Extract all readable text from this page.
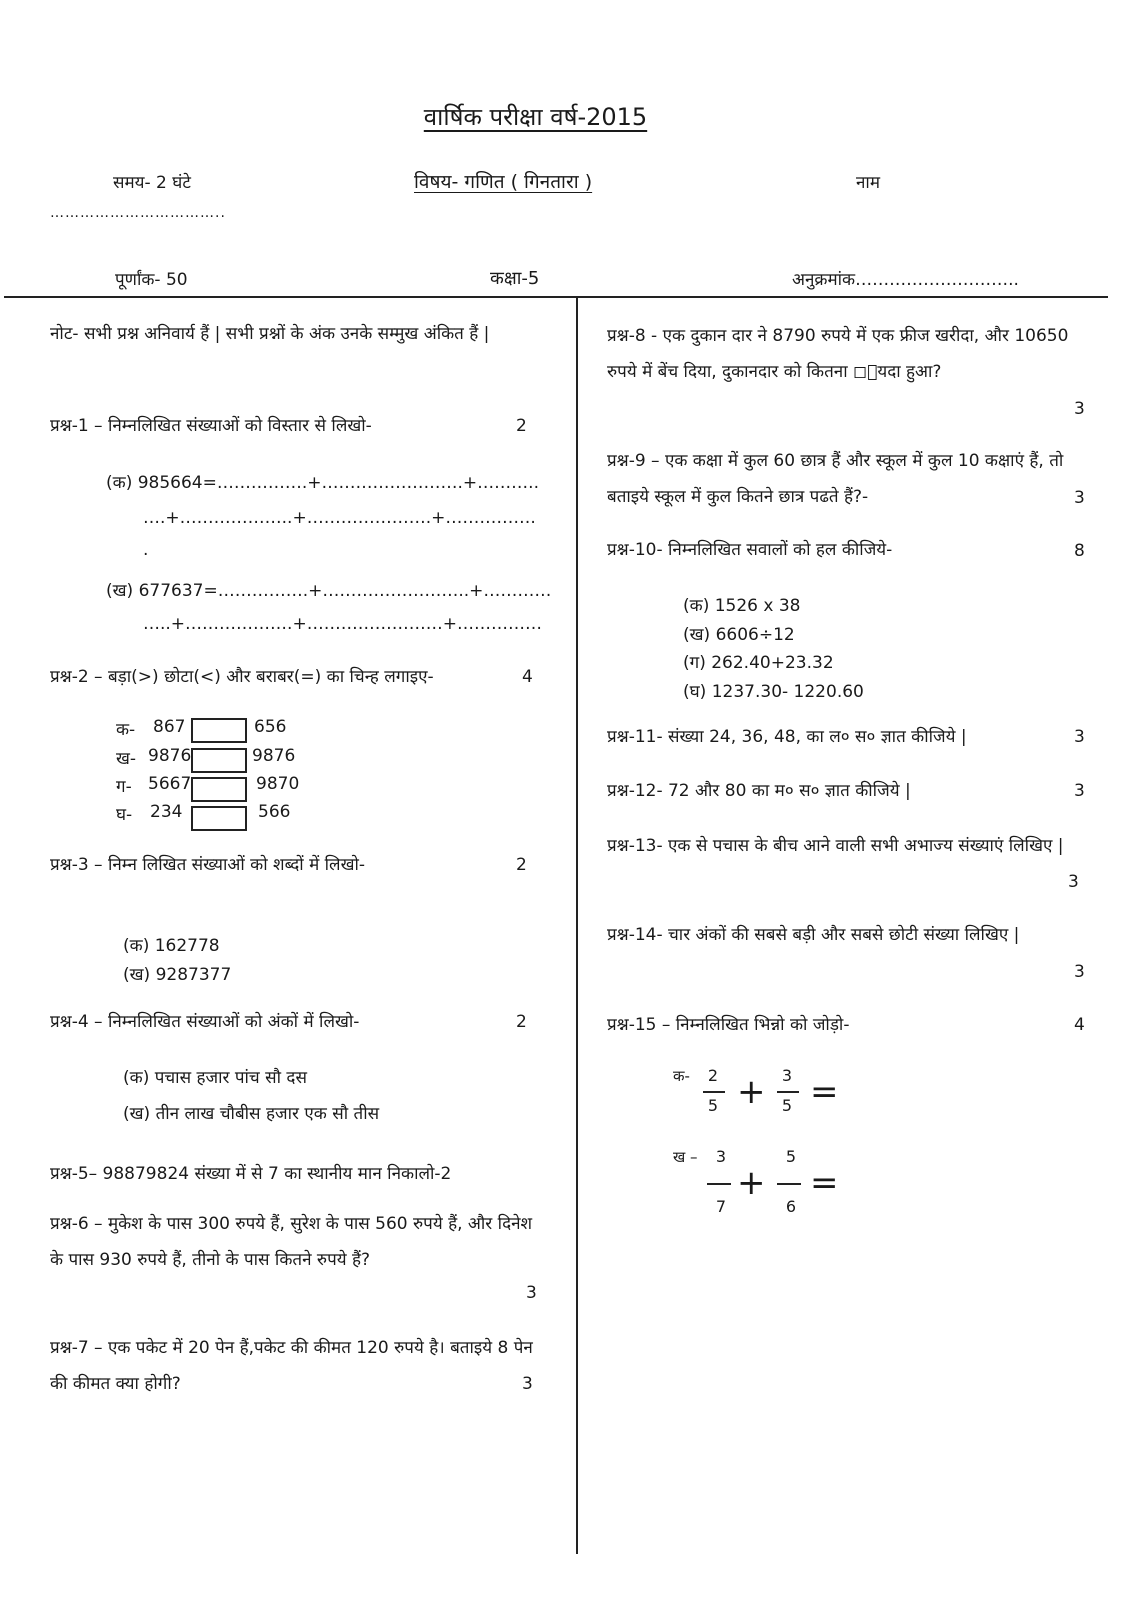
वार्षिक परीक्षा वर्ष-2015
समय- 2 घंटे	विषय- गणित ( गिनतारा )	नाम
……………………………..
पूर्णांक- 50	कक्षा-5	अनुक्रमांक………………………..
नोट- सभी प्रश्न अनिवार्य हैं | सभी प्रश्नों के अंक उनके सम्मुख अंकित हैं |
प्रश्न-1 – निम्नलिखित संख्याओं को विस्तार से लिखो-	2
(क) 985664=…………….+…………………….+………..
….+………………..+………………….+…………….
.
(ख) 677637=…………….+……………………..+…………
…..+……………….+……………………+……………
प्रश्न-2 – बड़ा(>) छोटा(<) और बराबर(=) का चिन्ह लगाइए-	4
क- 867	656
ख- 9876	9876
ग- 5667	9870
घ- 234	566
प्रश्न-3 – निम्न लिखित संख्याओं को शब्दों में लिखो-	2
(क) 162778
(ख) 9287377
प्रश्न-4 – निम्नलिखित संख्याओं को अंकों में लिखो-	2
(क) पचास हजार पांच सौ दस
(ख) तीन लाख चौबीस हजार एक सौ तीस
प्रश्न-5– 98879824 संख्या में से 7 का स्थानीय मान निकालो-2
प्रश्न-6 – मुकेश के पास 300 रुपये हैं, सुरेश के पास 560 रुपये हैं, और दिनेश के पास 930 रुपये हैं, तीनो के पास कितने रुपये हैं?
3
प्रश्न-7 – एक पकेट में 20 पेन हैं,पकेट की कीमत 120 रुपये है। बताइये 8 पेन की कीमत क्या होगी?	3
प्रश्न-8 - एक दुकान दार ने 8790 रुपये में एक फ्रीज खरीदा, और 10650 रुपये में बेंच दिया, दुकानदार को कितना ◻ायदा हुआ?
3
प्रश्न-9 – एक कक्षा में कुल 60 छात्र हैं और स्कूल में कुल 10 कक्षाएं हैं, तो बताइये स्कूल में कुल कितने छात्र पढते हैं?-	3
प्रश्न-10- निम्नलिखित सवालों को हल कीजिये-	8
(क) 1526 x 38
(ख) 6606÷12
(ग) 262.40+23.32
(घ) 1237.30- 1220.60
प्रश्न-11- संख्या 24, 36, 48, का ल० स० ज्ञात कीजिये |	3
प्रश्न-12- 72 और 80 का म० स० ज्ञात कीजिये |	3
प्रश्न-13- एक से पचास के बीच आने वाली सभी अभाज्य संख्याएं लिखिए |
3
प्रश्न-14- चार अंकों की सबसे बड़ी और सबसे छोटी संख्या लिखिए |
3
प्रश्न-15 – निम्नलिखित भिन्नो को जोड़ो-	4
क- 2
5 + 3
5 =
ख – 3
7
+
5
6
=
